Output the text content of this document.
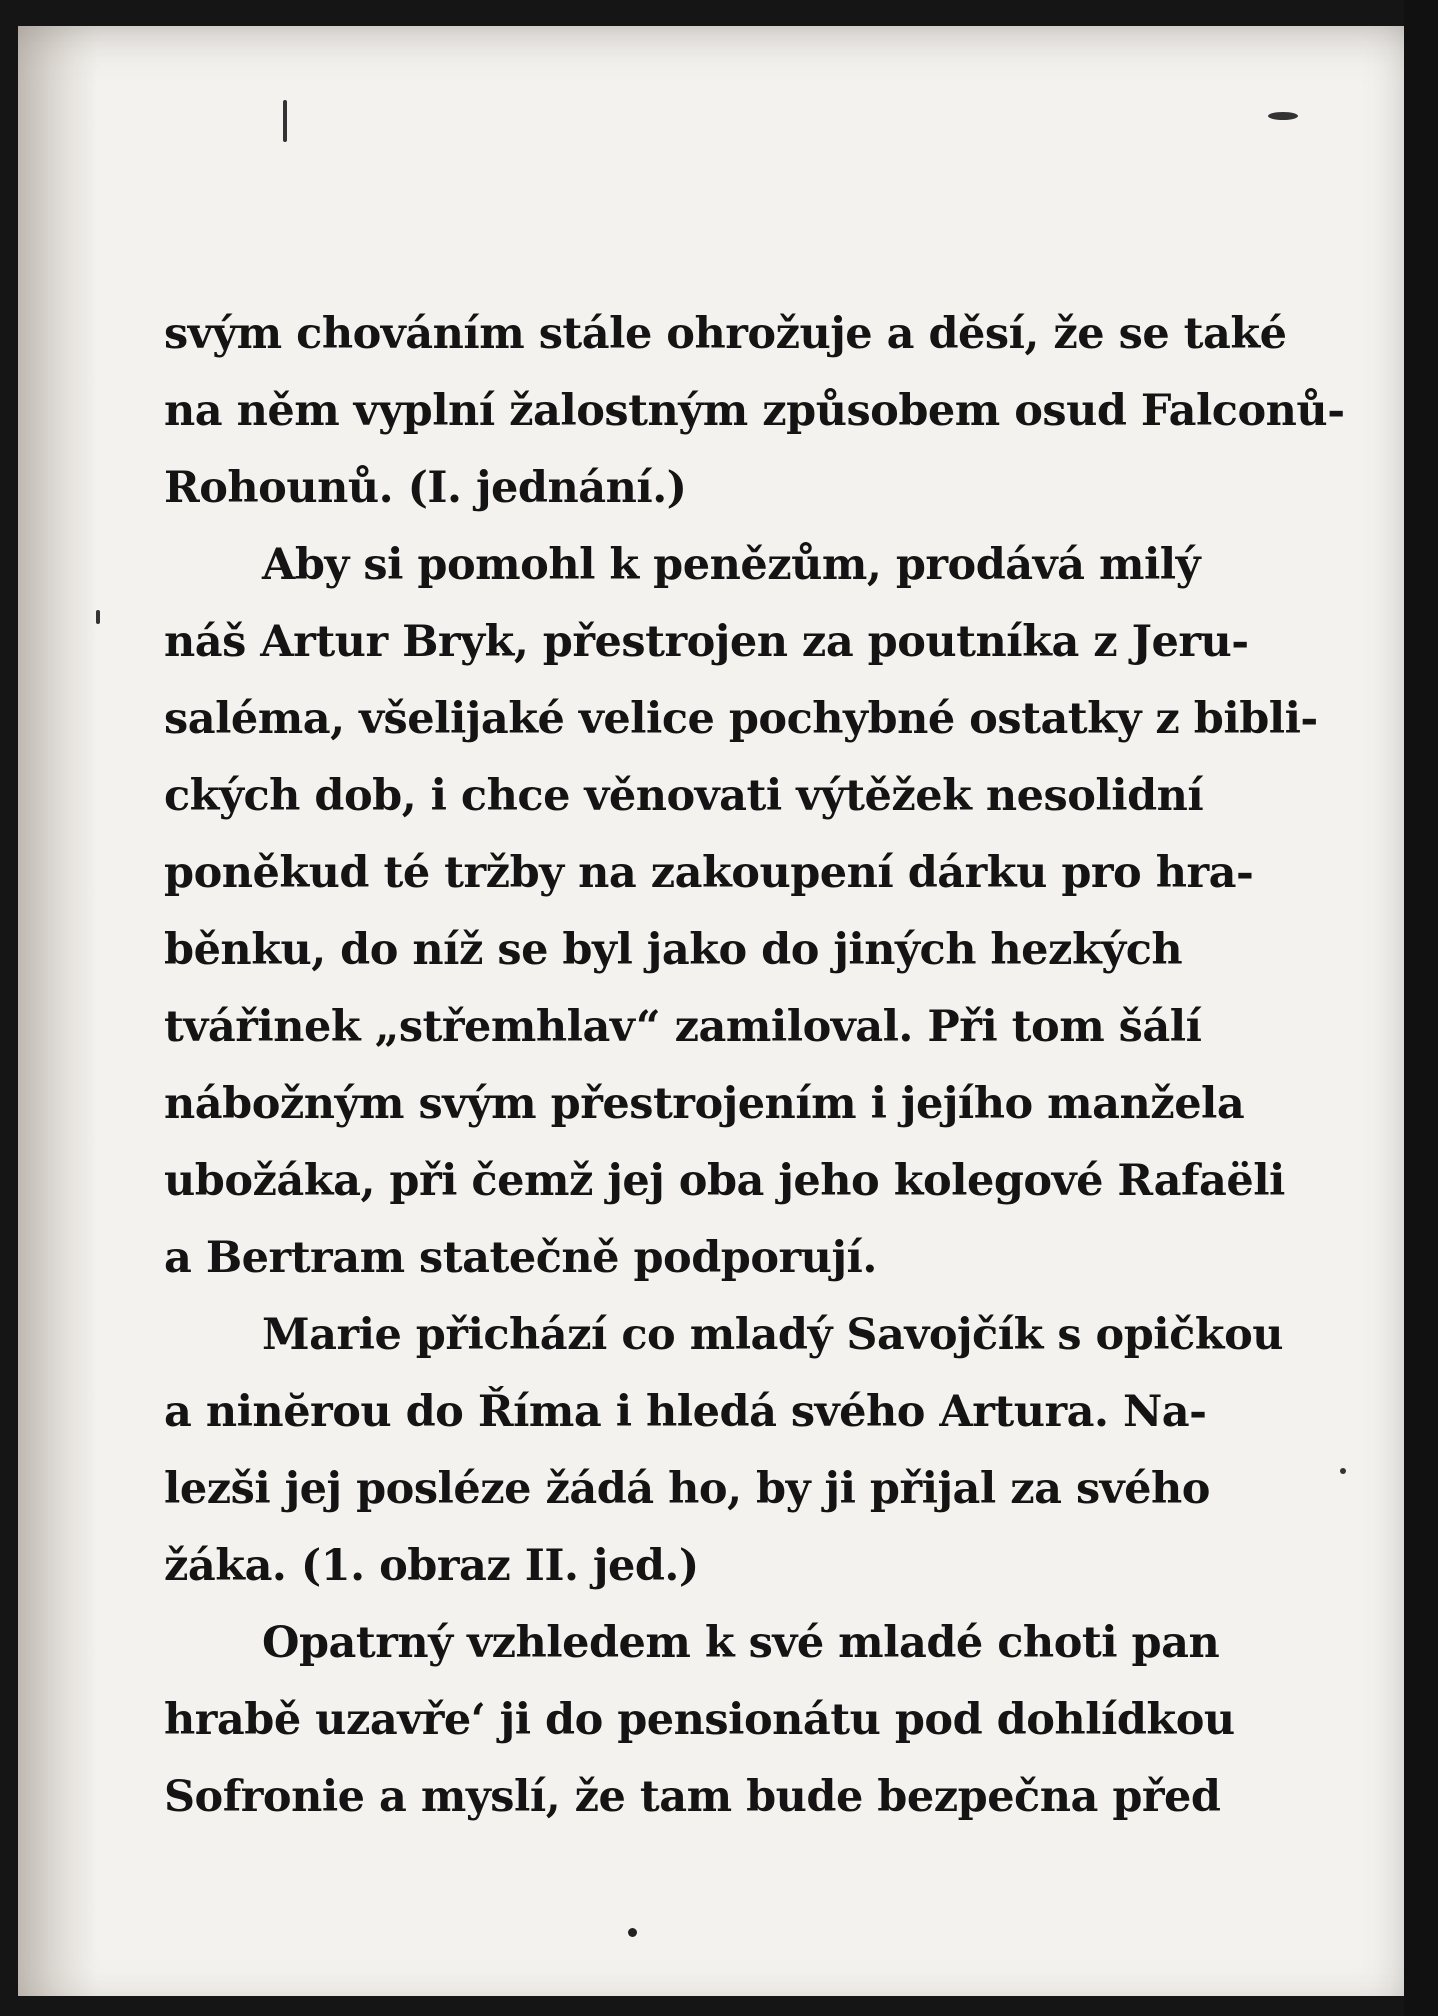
svým chováním stále ohrožuje a děsí, že se také
na něm vyplní žalostným způsobem osud Falconů-
Rohounů. (I. jednání.)
Aby si pomohl k penězům, prodává milý
náš Artur Bryk, přestrojen za poutníka z Jeru-
saléma, všelijaké velice pochybné ostatky z bibli-
ckých dob, i chce věnovati výtěžek nesolidní
poněkud té tržby na zakoupení dárku pro hra-
běnku, do níž se byl jako do jiných hezkých
tvářinek „střemhlav“ zamiloval. Při tom šálí
nábožným svým přestrojením i jejího manžela
ubožáka, při čemž jej oba jeho kolegové Rafaëli
a Bertram statečně podporují.
Marie přichází co mladý Savojčík s opičkou
a ninĕrou do Říma i hledá svého Artura. Na-
lezši jej posléze žádá ho, by ji přijal za svého
žáka. (1. obraz II. jed.)
Opatrný vzhledem k své mladé choti pan
hrabě uzavře‘ ji do pensionátu pod dohlídkou
Sofronie a myslí, že tam bude bezpečna před
